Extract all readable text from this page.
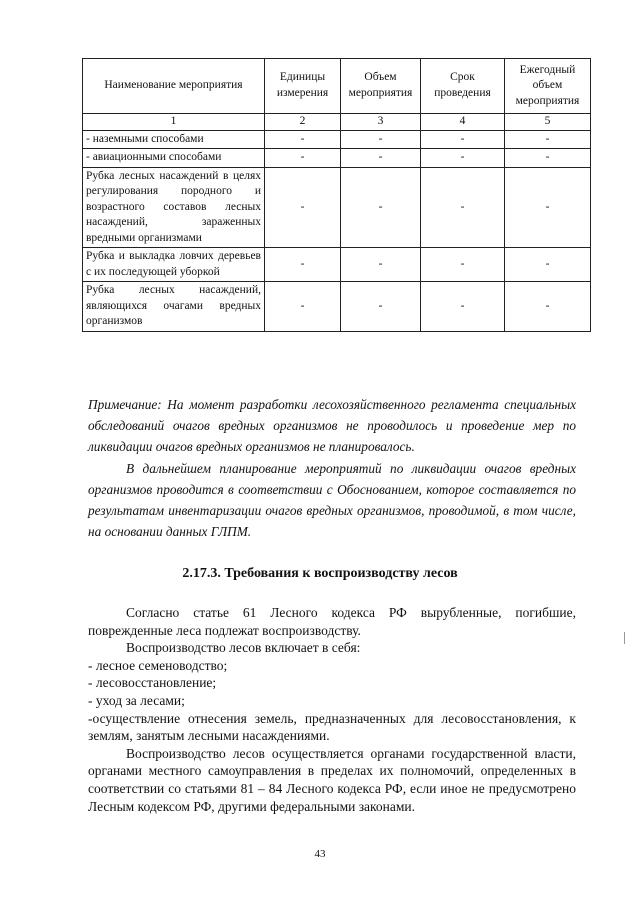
Наименование мероприятия	Единицы измерения	Объем мероприятия	Срок проведения	Ежегодный объем мероприятия
1	2	3	4	5
- наземными способами	-	-	-	-
- авиационными способами	-	-	-	-
Рубка лесных насаждений в целях регулирования породного и возрастного составов лесных насаждений, зараженных вредными организмами	-	-	-	-
Рубка и выкладка ловчих деревьев с их последующей уборкой	-	-	-	-
Рубка лесных насаждений, являющихся очагами вредных организмов	-	-	-	-

Примечание: На момент разработки лесохозяйственного регламента специальных обследований очагов вредных организмов не проводилось и проведение мер по ликвидации очагов вредных организмов не планировалось.

В дальнейшем планирование мероприятий по ликвидации очагов вредных организмов проводится в соответствии с Обоснованием, которое составляется по результатам инвентаризации очагов вредных организмов, проводимой, в том числе, на основании данных ГЛПМ.

2.17.3. Требования к воспроизводству лесов

Согласно статье 61 Лесного кодекса РФ вырубленные, погибшие, поврежденные леса подлежат воспроизводству.

Воспроизводство лесов включает в себя:

- лесное семеноводство;

- лесовосстановление;

- уход за лесами;

-осуществление отнесения земель, предназначенных для лесовосстановления, к землям, занятым лесными насаждениями.

Воспроизводство лесов осуществляется органами государственной власти, органами местного самоуправления в пределах их полномочий, определенных в соответствии со статьями 81 – 84 Лесного кодекса РФ, если иное не предусмотрено Лесным кодексом РФ, другими федеральными законами.

43
